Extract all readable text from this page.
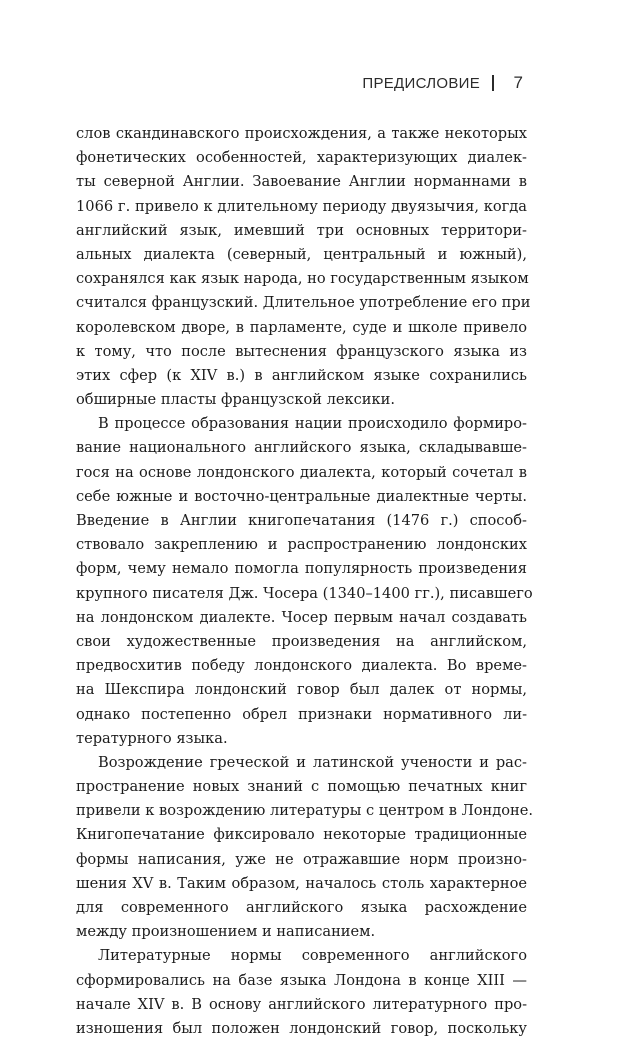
ПРЕДИСЛОВИЕ 7
слов скандинавского происхождения, а также некоторых
фонетических особенностей, характеризующих диалек-
ты северной Англии. Завоевание Англии норманнами в
1066 г. привело к длительному периоду двуязычия, когда
английский язык, имевший три основных территори-
альных диалекта (северный, центральный и южный),
сохранялся как язык народа, но государственным языком
считался французский. Длительное употребление его при
королевском дворе, в парламенте, суде и школе привело
к тому, что после вытеснения французского языка из
этих сфер (к XIV в.) в английском языке сохранились
обширные пласты французской лексики.
В процессе образования нации происходило формиро-
вание национального английского языка, складывавше-
гося на основе лондонского диалекта, который сочетал в
себе южные и восточно-центральные диалектные черты.
Введение в Англии книгопечатания (1476 г.) способ-
ствовало закреплению и распространению лондонских
форм, чему немало помогла популярность произведения
крупного писателя Дж. Чосера (1340–1400 гг.), писавшего
на лондонском диалекте. Чосер первым начал создавать
свои художественные произведения на английском,
предвосхитив победу лондонского диалекта. Во време-
на Шекспира лондонский говор был далек от нормы,
однако постепенно обрел признаки нормативного ли-
тературного языка.
Возрождение греческой и латинской учености и рас-
пространение новых знаний с помощью печатных книг
привели к возрождению литературы с центром в Лондоне.
Книгопечатание фиксировало некоторые традиционные
формы написания, уже не отражавшие норм произно-
шения XV в. Таким образом, началось столь характерное
для современного английского языка расхождение
между произношением и написанием.
Литературные нормы современного английского
сформировались на базе языка Лондона в конце XIII —
начале XIV в. В основу английского литературного про-
изношения был положен лондонский говор, поскольку
